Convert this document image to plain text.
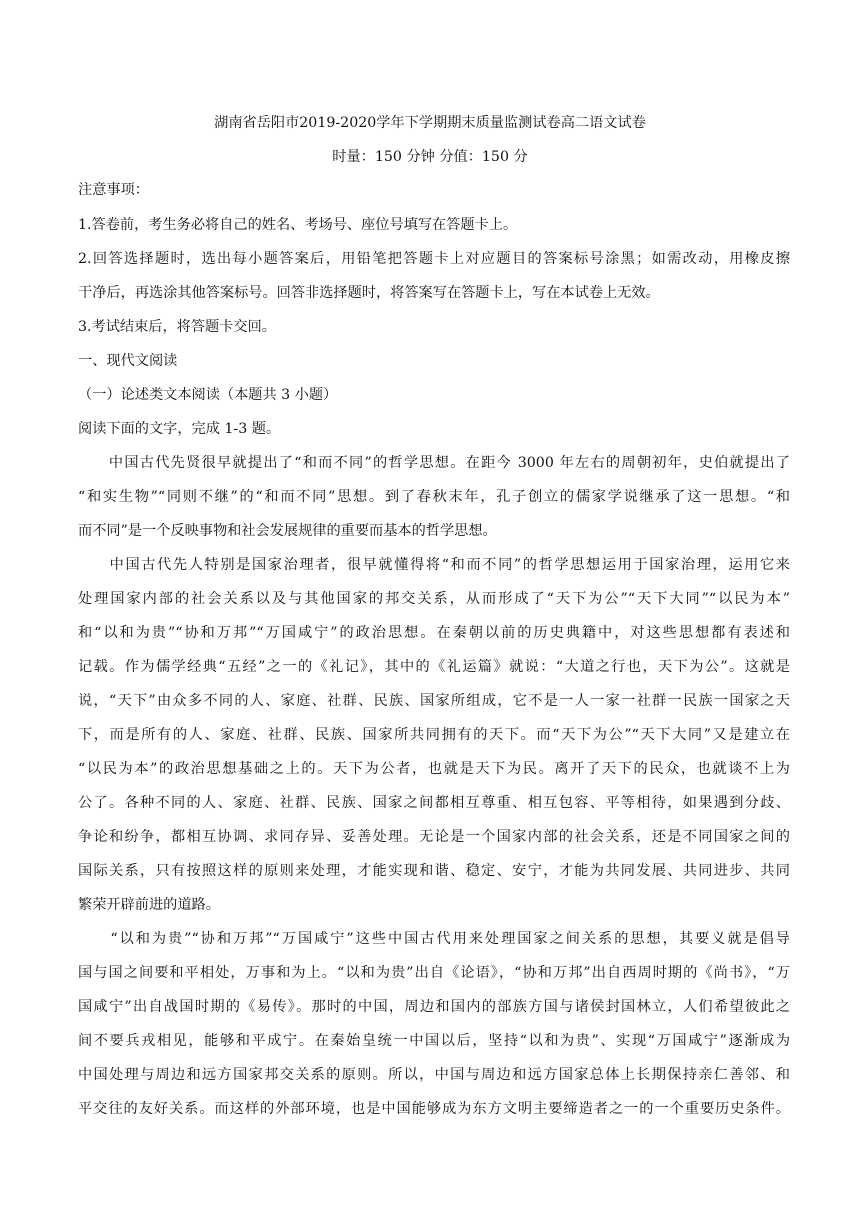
湖南省岳阳市2019-2020学年下学期期末质量监测试卷高二语文试卷
时量：150 分钟 分值：150 分
注意事项：
1.答卷前，考生务必将自己的姓名、考场号、座位号填写在答题卡上。
2.回答选择题时，选出每小题答案后，用铅笔把答题卡上对应题目的答案标号涂黑；如需改动，用橡皮擦
干净后，再选涂其他答案标号。回答非选择题时，将答案写在答题卡上，写在本试卷上无效。
3.考试结束后，将答题卡交回。
一、现代文阅读
（一）论述类文本阅读（本题共 3 小题）
阅读下面的文字，完成 1-3 题。
　　中国古代先贤很早就提出了“和而不同”的哲学思想。在距今 3000 年左右的周朝初年，史伯就提出了
“和实生物”“同则不继”的“和而不同”思想。到了春秋末年，孔子创立的儒家学说继承了这一思想。“和
而不同”是一个反映事物和社会发展规律的重要而基本的哲学思想。
　　中国古代先人特别是国家治理者，很早就懂得将“和而不同”的哲学思想运用于国家治理，运用它来
处理国家内部的社会关系以及与其他国家的邦交关系，从而形成了“天下为公”“天下大同”“以民为本”
和“以和为贵”“协和万邦”“万国咸宁”的政治思想。在秦朝以前的历史典籍中，对这些思想都有表述和
记载。作为儒学经典“五经”之一的《礼记》，其中的《礼运篇》就说：“大道之行也，天下为公”。这就是
说，“天下”由众多不同的人、家庭、社群、民族、国家所组成，它不是一人一家一社群一民族一国家之天
下，而是所有的人、家庭、社群、民族、国家所共同拥有的天下。而“天下为公”“天下大同”又是建立在
“以民为本”的政治思想基础之上的。天下为公者，也就是天下为民。离开了天下的民众，也就谈不上为
公了。各种不同的人、家庭、社群、民族、国家之间都相互尊重、相互包容、平等相待，如果遇到分歧、
争论和纷争，都相互协调、求同存异、妥善处理。无论是一个国家内部的社会关系，还是不同国家之间的
国际关系，只有按照这样的原则来处理，才能实现和谐、稳定、安宁，才能为共同发展、共同进步、共同
繁荣开辟前进的道路。
　　“以和为贵”“协和万邦”“万国咸宁”这些中国古代用来处理国家之间关系的思想，其要义就是倡导
国与国之间要和平相处，万事和为上。“以和为贵”出自《论语》，“协和万邦”出自西周时期的《尚书》，“万
国咸宁”出自战国时期的《易传》。那时的中国，周边和国内的部族方国与诸侯封国林立，人们希望彼此之
间不要兵戎相见，能够和平成宁。在秦始皇统一中国以后，坚持“以和为贵”、实现“万国咸宁”逐渐成为
中国处理与周边和远方国家邦交关系的原则。所以，中国与周边和远方国家总体上长期保持亲仁善邻、和
平交往的友好关系。而这样的外部环境，也是中国能够成为东方文明主要缔造者之一的一个重要历史条件。
